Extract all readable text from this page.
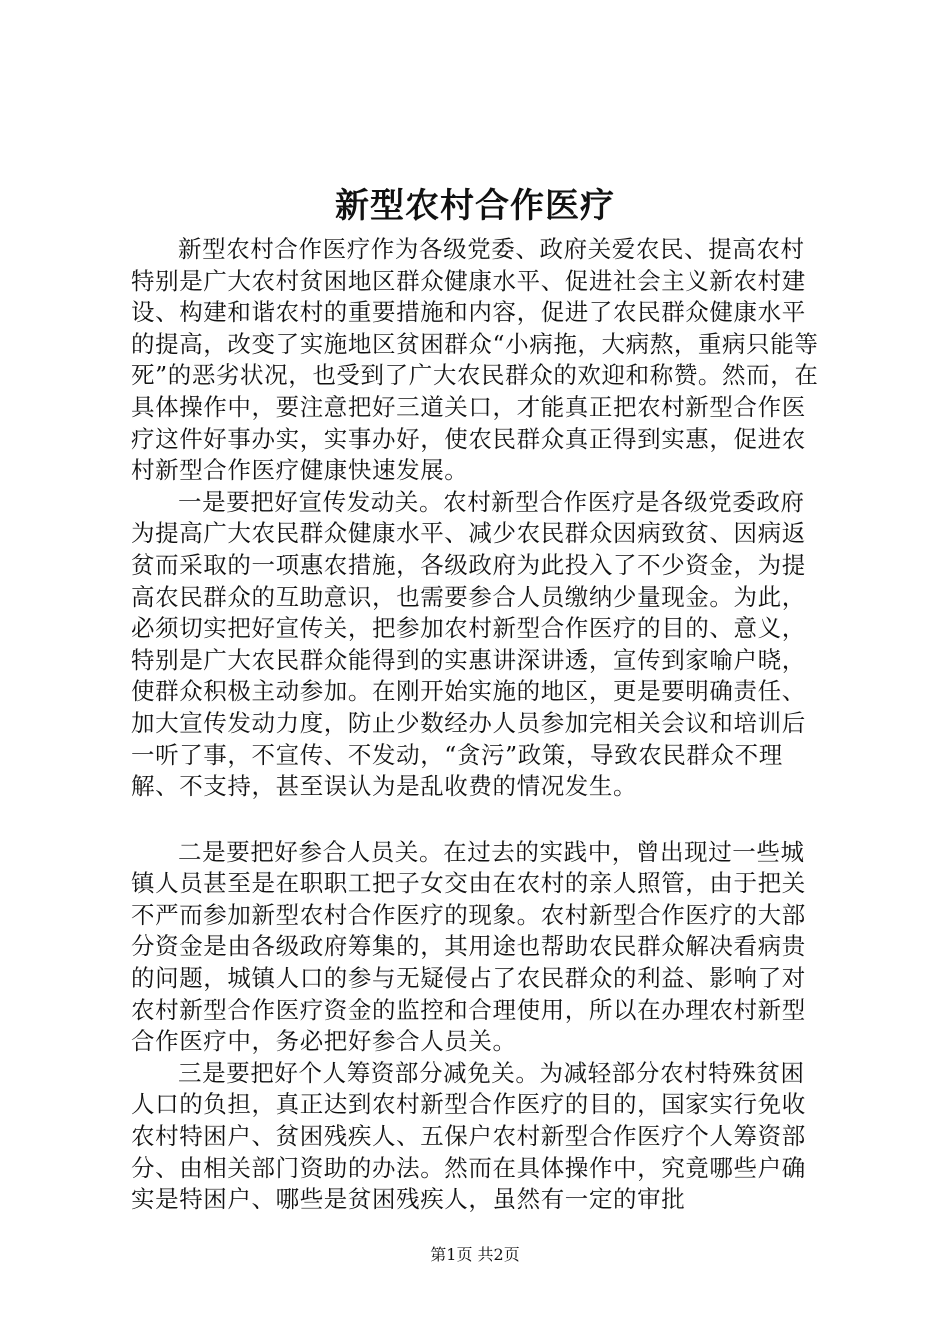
新型农村合作医疗

新型农村合作医疗作为各级党委、政府关爱农民、提高农村特别是广大农村贫困地区群众健康水平、促进社会主义新农村建设、构建和谐农村的重要措施和内容，促进了农民群众健康水平的提高，改变了实施地区贫困群众“小病拖，大病熬，重病只能等死”的恶劣状况，也受到了广大农民群众的欢迎和称赞。然而，在具体操作中，要注意把好三道关口，才能真正把农村新型合作医疗这件好事办实，实事办好，使农民群众真正得到实惠，促进农村新型合作医疗健康快速发展。

一是要把好宣传发动关。农村新型合作医疗是各级党委政府为提高广大农民群众健康水平、减少农民群众因病致贫、因病返贫而采取的一项惠农措施，各级政府为此投入了不少资金，为提高农民群众的互助意识，也需要参合人员缴纳少量现金。为此，必须切实把好宣传关，把参加农村新型合作医疗的目的、意义，特别是广大农民群众能得到的实惠讲深讲透，宣传到家喻户晓，使群众积极主动参加。在刚开始实施的地区，更是要明确责任、加大宣传发动力度，防止少数经办人员参加完相关会议和培训后一听了事，不宣传、不发动，“贪污”政策，导致农民群众不理解、不支持，甚至误认为是乱收费的情况发生。

二是要把好参合人员关。在过去的实践中，曾出现过一些城镇人员甚至是在职职工把子女交由在农村的亲人照管，由于把关不严而参加新型农村合作医疗的现象。农村新型合作医疗的大部分资金是由各级政府筹集的，其用途也帮助农民群众解决看病贵的问题，城镇人口的参与无疑侵占了农民群众的利益、影响了对农村新型合作医疗资金的监控和合理使用，所以在办理农村新型合作医疗中，务必把好参合人员关。

三是要把好个人筹资部分减免关。为减轻部分农村特殊贫困人口的负担，真正达到农村新型合作医疗的目的，国家实行免收农村特困户、贫困残疾人、五保户农村新型合作医疗个人筹资部分、由相关部门资助的办法。然而在具体操作中，究竟哪些户确实是特困户、哪些是贫困残疾人，虽然有一定的审批

第1页 共2页
